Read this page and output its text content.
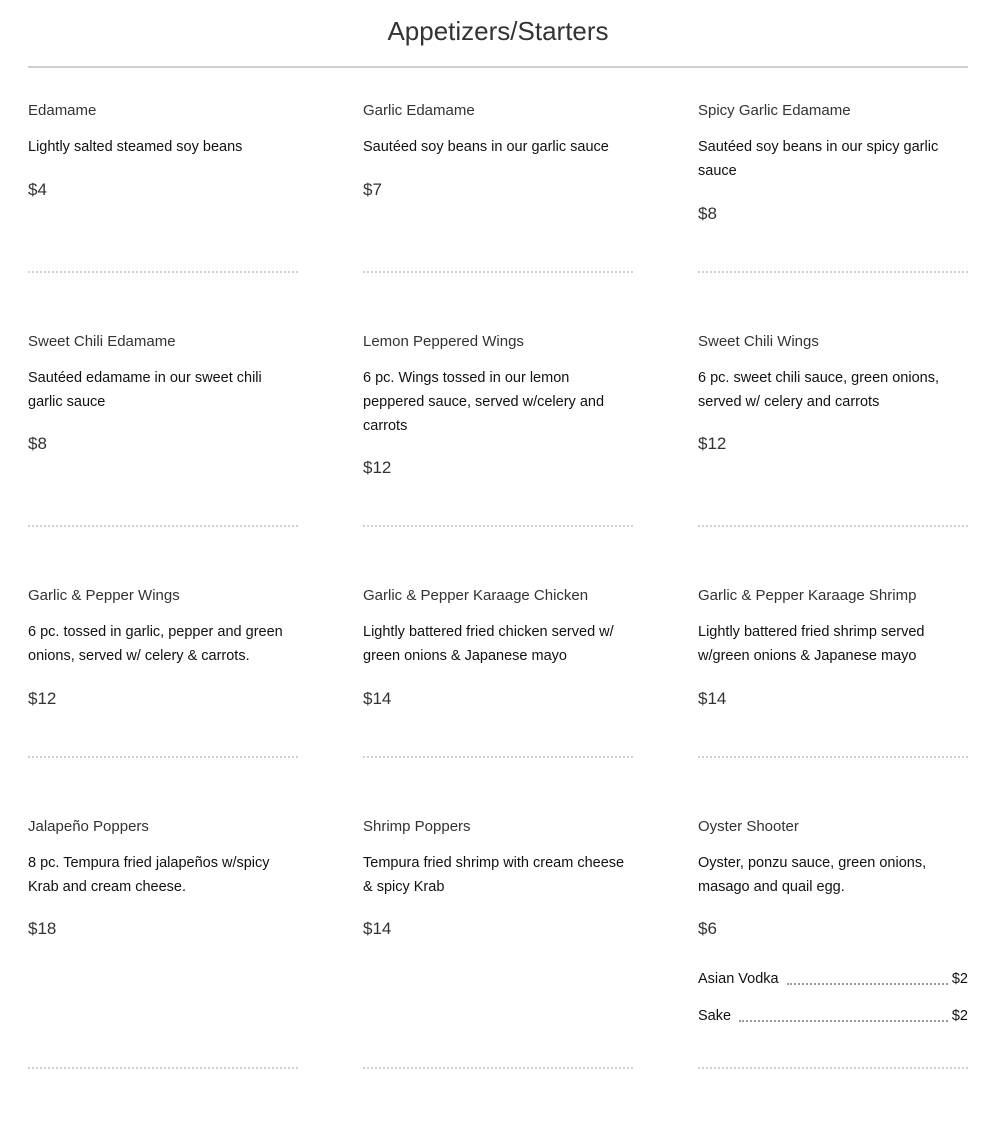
Appetizers/Starters
Edamame
Lightly salted steamed soy beans
$4
Garlic Edamame
Sautéed soy beans in our garlic sauce
$7
Spicy Garlic Edamame
Sautéed soy beans in our spicy garlic sauce
$8
Sweet Chili Edamame
Sautéed edamame in our sweet chili garlic sauce
$8
Lemon Peppered Wings
6 pc. Wings tossed in our lemon peppered sauce, served w/celery and carrots
$12
Sweet Chili Wings
6 pc. sweet chili sauce, green onions, served w/ celery and carrots
$12
Garlic & Pepper Wings
6 pc. tossed in garlic, pepper and green onions, served w/ celery & carrots.
$12
Garlic & Pepper Karaage Chicken
Lightly battered fried chicken served w/ green onions & Japanese mayo
$14
Garlic & Pepper Karaage Shrimp
Lightly battered fried shrimp served w/green onions & Japanese mayo
$14
Jalapeño Poppers
8 pc. Tempura fried jalapeños w/spicy Krab and cream cheese.
$18
Shrimp Poppers
Tempura fried shrimp with cream cheese & spicy Krab
$14
Oyster Shooter
Oyster, ponzu sauce, green onions, masago and quail egg.
$6
Asian Vodka	$2
Sake	$2
